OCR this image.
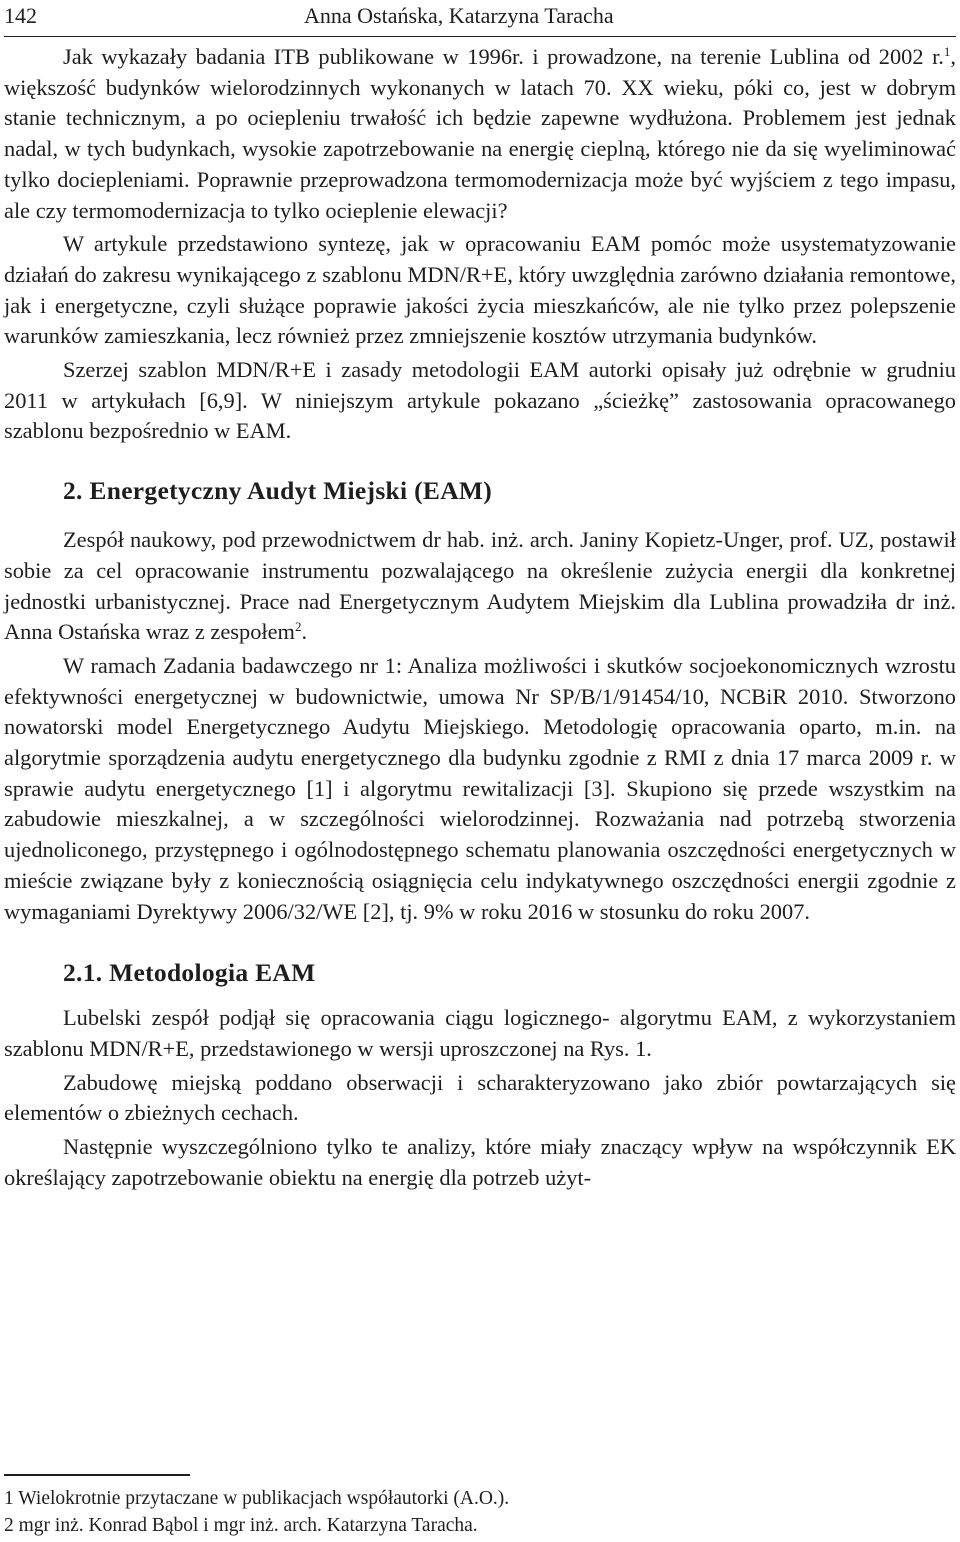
142	Anna Ostańska, Katarzyna Taracha

Jak wykazały badania ITB publikowane w 1996r. i prowadzone, na terenie Lublina od 2002 r.$^1$, większość budynków wielorodzinnych wykonanych w latach 70. XX wieku, póki co, jest w dobrym stanie technicznym, a po ociepleniu trwałość ich będzie zapewne wydłużona. Problemem jest jednak nadal, w tych budynkach, wysokie zapotrzebowanie na energię cieplną, którego nie da się wyeliminować tylko dociepleniami. Poprawnie przeprowadzona termomodernizacja może być wyjściem z tego impasu, ale czy termomodernizacja to tylko ocieplenie elewacji?

W artykule przedstawiono syntezę, jak w opracowaniu EAM pomóc może usystematyzowanie działań do zakresu wynikającego z szablonu MDN/R+E, który uwzględnia zarówno działania remontowe, jak i energetyczne, czyli służące poprawie jakości życia mieszkańców, ale nie tylko przez polepszenie warunków zamieszkania, lecz również przez zmniejszenie kosztów utrzymania budynków.

Szerzej szablon MDN/R+E i zasady metodologii EAM autorki opisały już odrębnie w grudniu 2011 w artykułach [6,9]. W niniejszym artykule pokazano „ścieżkę” zastosowania opracowanego szablonu bezpośrednio w EAM.

2. Energetyczny Audyt Miejski (EAM)

Zespół naukowy, pod przewodnictwem dr hab. inż. arch. Janiny Kopietz-Unger, prof. UZ, postawił sobie za cel opracowanie instrumentu pozwalającego na określenie zużycia energii dla konkretnej jednostki urbanistycznej. Prace nad Energetycznym Audytem Miejskim dla Lublina prowadziła dr inż. Anna Ostańska wraz z zespołem$^2$.

W ramach Zadania badawczego nr 1: Analiza możliwości i skutków socjoekonomicznych wzrostu efektywności energetycznej w budownictwie, umowa Nr SP/B/1/91454/10, NCBiR 2010. Stworzono nowatorski model Energetycznego Audytu Miejskiego. Metodologię opracowania oparto, m.in. na algorytmie sporządzenia audytu energetycznego dla budynku zgodnie z RMI z dnia 17 marca 2009 r. w sprawie audytu energetycznego [1] i algorytmu rewitalizacji [3]. Skupiono się przede wszystkim na zabudowie mieszkalnej, a w szczególności wielorodzinnej. Rozważania nad potrzebą stworzenia ujednoliconego, przystępnego i ogólnodostępnego schematu planowania oszczędności energetycznych w mieście związane były z koniecznością osiągnięcia celu indykatywnego oszczędności energii zgodnie z wymaganiami Dyrektywy 2006/32/WE [2], tj. 9% w roku 2016 w stosunku do roku 2007.

2.1. Metodologia EAM

Lubelski zespół podjął się opracowania ciągu logicznego- algorytmu EAM, z wykorzystaniem szablonu MDN/R+E, przedstawionego w wersji uproszczonej na Rys. 1.

Zabudowę miejską poddano obserwacji i scharakteryzowano jako zbiór powtarzających się elementów o zbieżnych cechach.

Następnie wyszczególniono tylko te analizy, które miały znaczący wpływ na współczynnik EK określający zapotrzebowanie obiektu na energię dla potrzeb użyt-

1 Wielokrotnie przytaczane w publikacjach współautorki (A.O.).

2 mgr inż. Konrad Bąbol i mgr inż. arch. Katarzyna Taracha.
